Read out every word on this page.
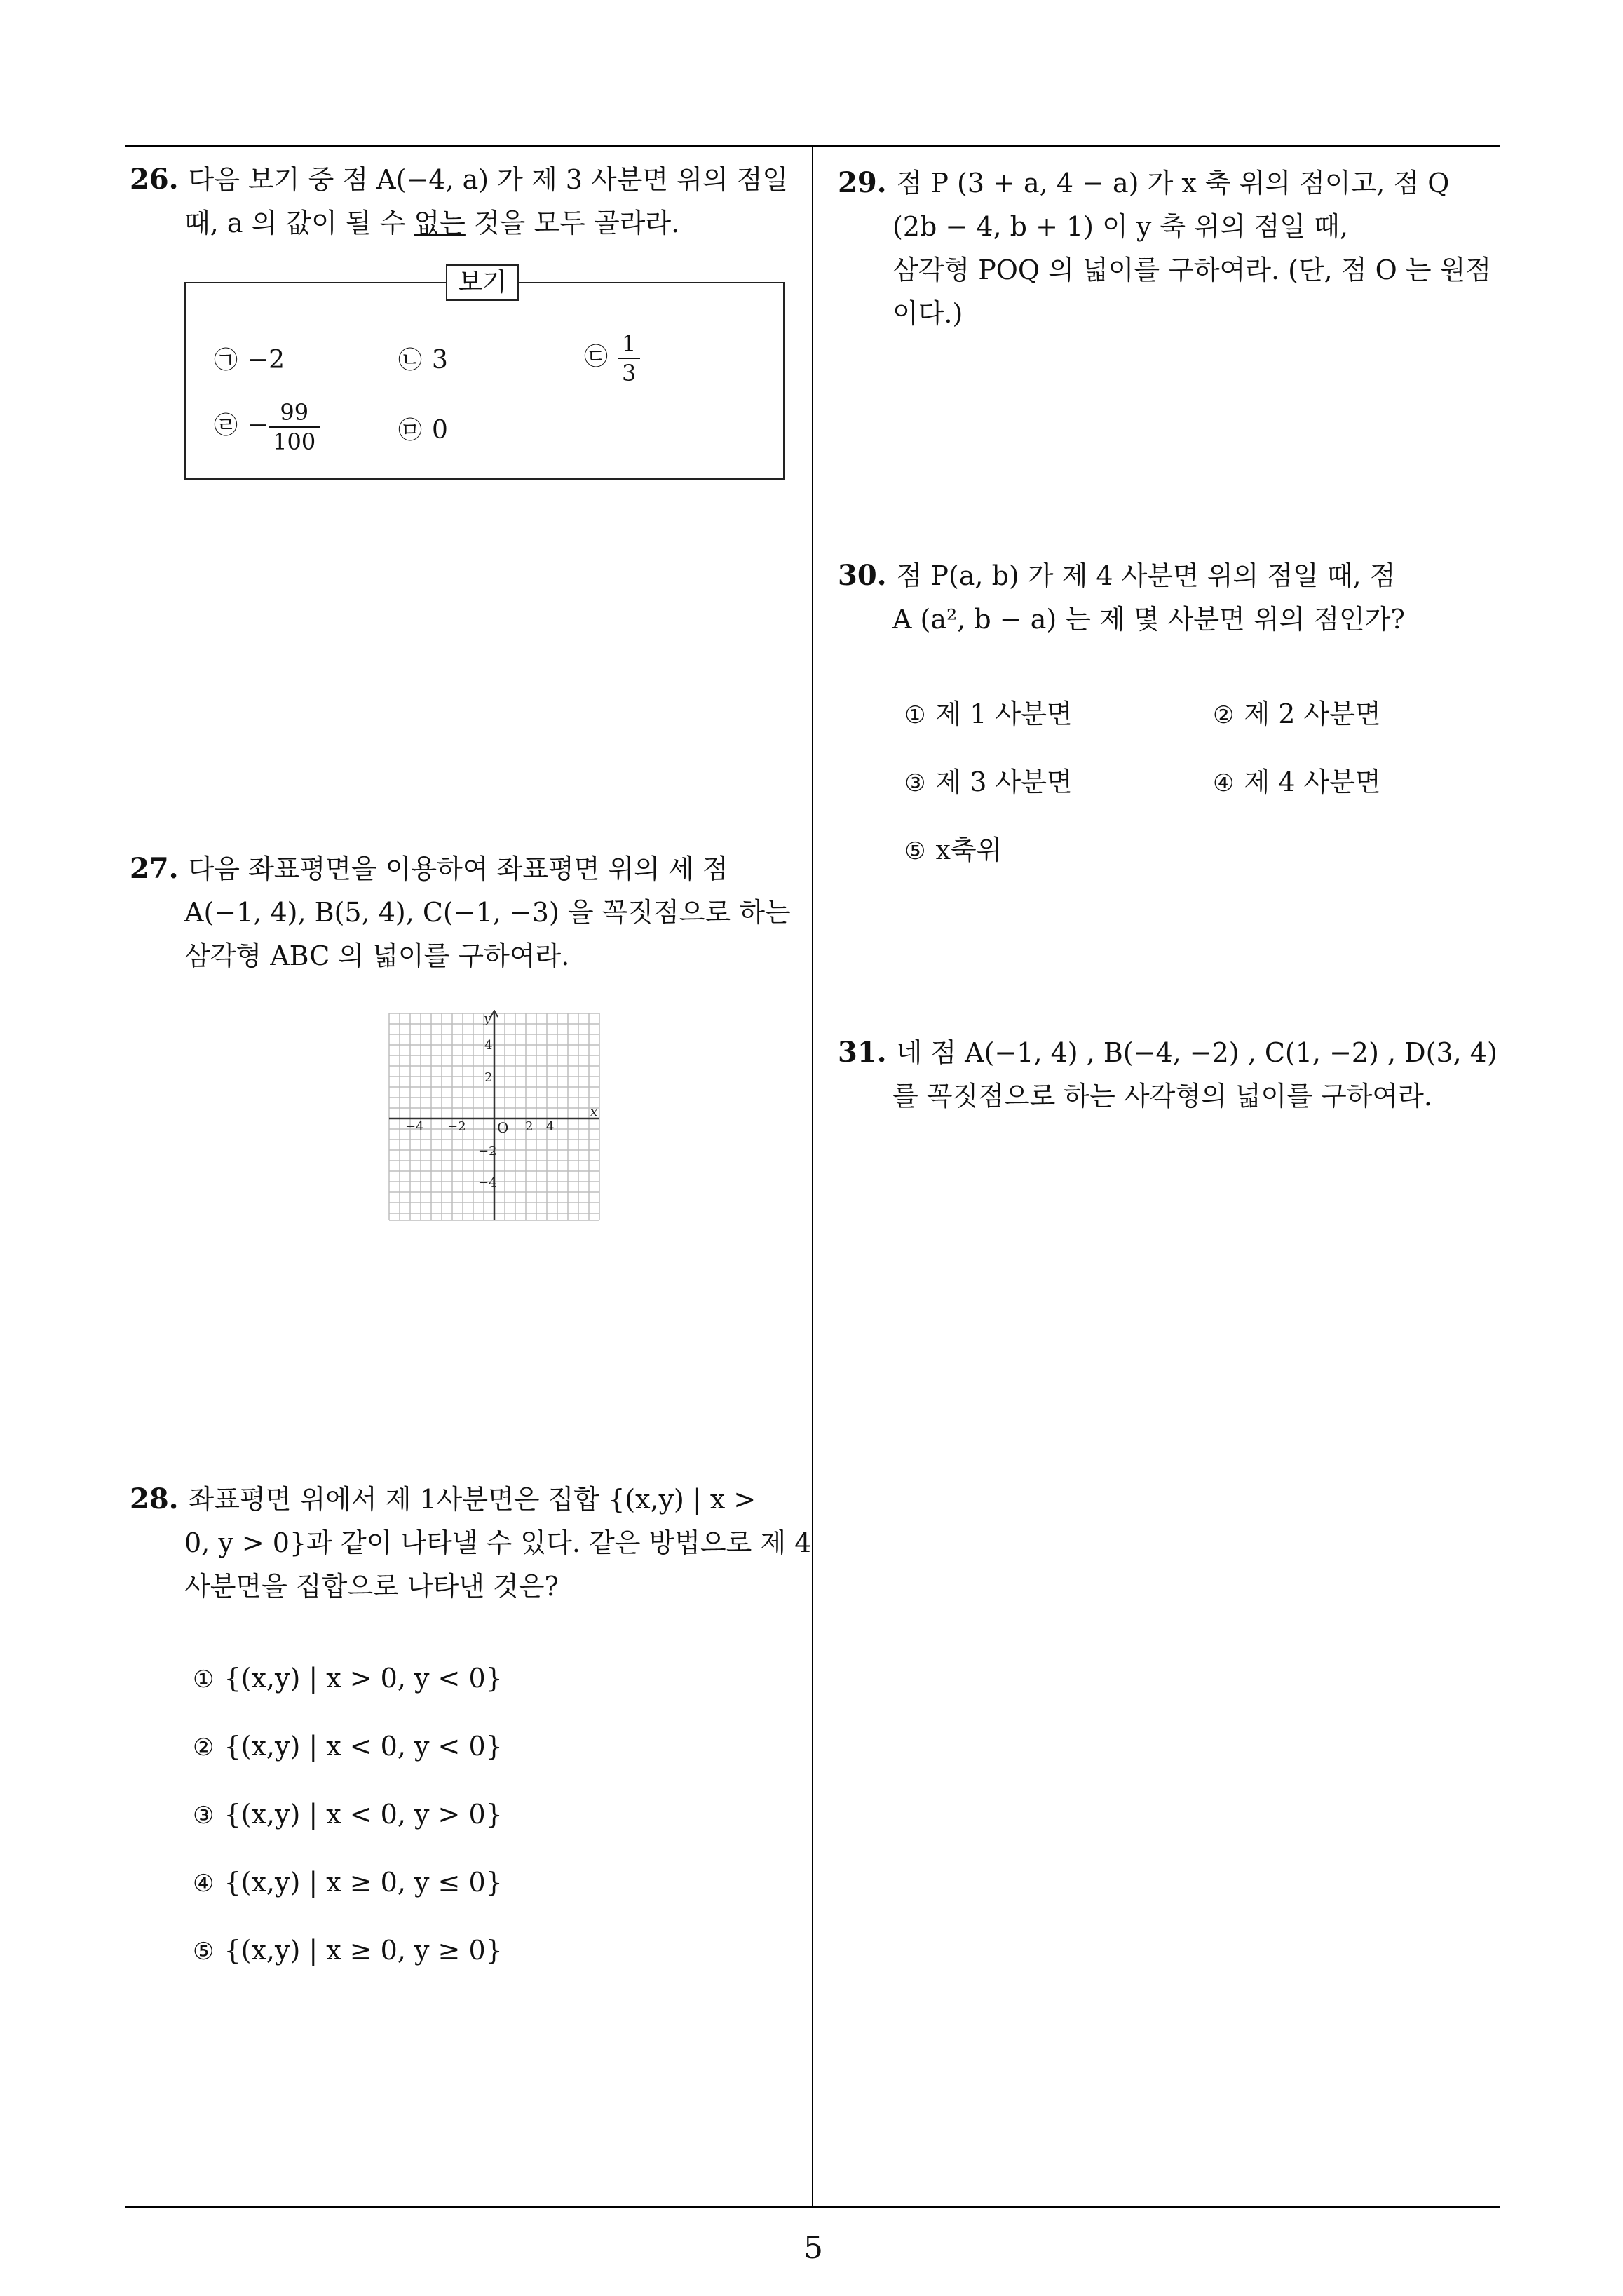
26. 다음 보기 중 점 A(−4, a) 가 제 3 사분면 위의 점일
때, a 의 값이 될 수 없는 것을 모두 골라라.
보기
㉠ −2	㉡ 3	㉢ $\frac{1}{3}$
㉣ − $\frac{99}{100}$	㉤ 0
27. 다음 좌표평면을 이용하여 좌표평면 위의 세 점
A(−1, 4), B(5, 4), C(−1, −3) 을 꼭짓점으로 하는
삼각형 ABC 의 넓이를 구하여라.
y
x
O
−4 −2	2 4
4
2
−2
−4
28. 좌표평면 위에서 제 1사분면은 집합 {(x,y) | x >
0, y > 0}과 같이 나타낼 수 있다. 같은 방법으로 제 4
사분면을 집합으로 나타낸 것은?
① {(x,y) | x > 0, y < 0}
② {(x,y) | x < 0, y < 0}
③ {(x,y) | x < 0, y > 0}
④ {(x,y) | x ≥ 0, y ≤ 0}
⑤ {(x,y) | x ≥ 0, y ≥ 0}
29. 점 P (3 + a, 4 − a) 가 x 축 위의 점이고, 점 Q
(2b − 4, b + 1) 이 y 축 위의 점일 때,
삼각형 POQ 의 넓이를 구하여라. (단, 점 O 는 원점
이다.)
30. 점 P(a, b) 가 제 4 사분면 위의 점일 때, 점
A (a², b − a) 는 제 몇 사분면 위의 점인가?
① 제 1 사분면	② 제 2 사분면
③ 제 3 사분면	④ 제 4 사분면
⑤ x축위
31. 네 점 A(−1, 4) , B(−4, −2) , C(1, −2) , D(3, 4)
를 꼭짓점으로 하는 사각형의 넓이를 구하여라.
5
